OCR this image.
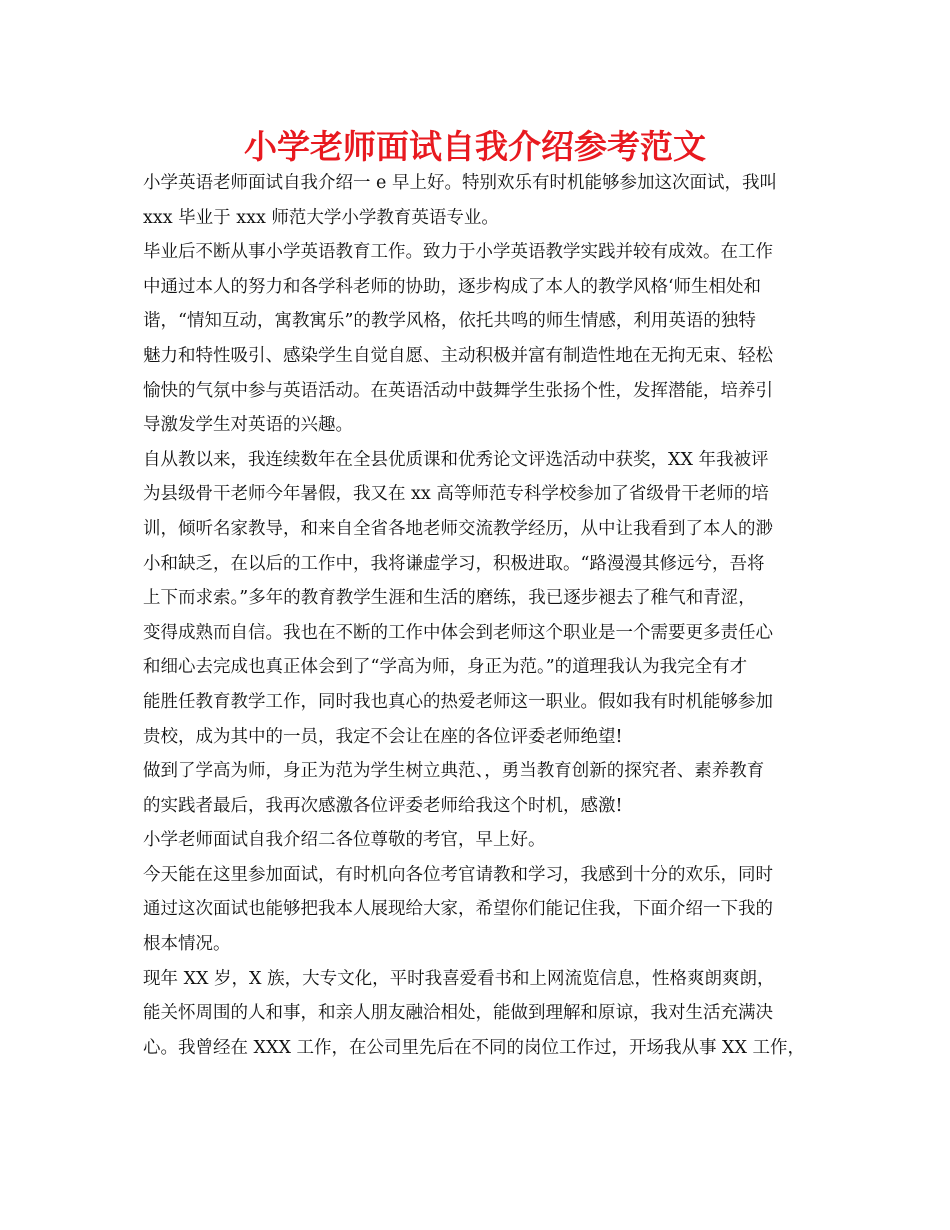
小学老师面试自我介绍参考范文
小学英语老师面试自我介绍一 e 早上好。特别欢乐有时机能够参加这次面试，我叫
xxx 毕业于 xxx 师范大学小学教育英语专业。
毕业后不断从事小学英语教育工作。致力于小学英语教学实践并较有成效。在工作
中通过本人的努力和各学科老师的协助，逐步构成了本人的教学风格‘师生相处和
谐，“情知互动，寓教寓乐”的教学风格，依托共鸣的师生情感，利用英语的独特
魅力和特性吸引、感染学生自觉自愿、主动积极并富有制造性地在无拘无束、轻松
愉快的气氛中参与英语活动。在英语活动中鼓舞学生张扬个性，发挥潜能，培养引
导激发学生对英语的兴趣。
自从教以来，我连续数年在全县优质课和优秀论文评选活动中获奖，XX 年我被评
为县级骨干老师今年暑假，我又在 xx 高等师范专科学校参加了省级骨干老师的培
训，倾听名家教导，和来自全省各地老师交流教学经历，从中让我看到了本人的渺
小和缺乏，在以后的工作中，我将谦虚学习，积极进取。“路漫漫其修远兮，吾将
上下而求索。”多年的教育教学生涯和生活的磨练，我已逐步褪去了稚气和青涩，
变得成熟而自信。我也在不断的工作中体会到老师这个职业是一个需要更多责任心
和细心去完成也真正体会到了“学高为师，身正为范。”的道理我认为我完全有才
能胜任教育教学工作，同时我也真心的热爱老师这一职业。假如我有时机能够参加
贵校，成为其中的一员，我定不会让在座的各位评委老师绝望!
做到了学高为师，身正为范为学生树立典范、，勇当教育创新的探究者、素养教育
的实践者最后，我再次感激各位评委老师给我这个时机，感激!
小学老师面试自我介绍二各位尊敬的考官，早上好。
今天能在这里参加面试，有时机向各位考官请教和学习，我感到十分的欢乐，同时
通过这次面试也能够把我本人展现给大家，希望你们能记住我，下面介绍一下我的
根本情况。
现年 XX 岁，X 族，大专文化，平时我喜爱看书和上网流览信息，性格爽朗爽朗，
能关怀周围的人和事，和亲人朋友融洽相处，能做到理解和原谅，我对生活充满决
心。我曾经在 XXX 工作，在公司里先后在不同的岗位工作过，开场我从事 XX 工作，
